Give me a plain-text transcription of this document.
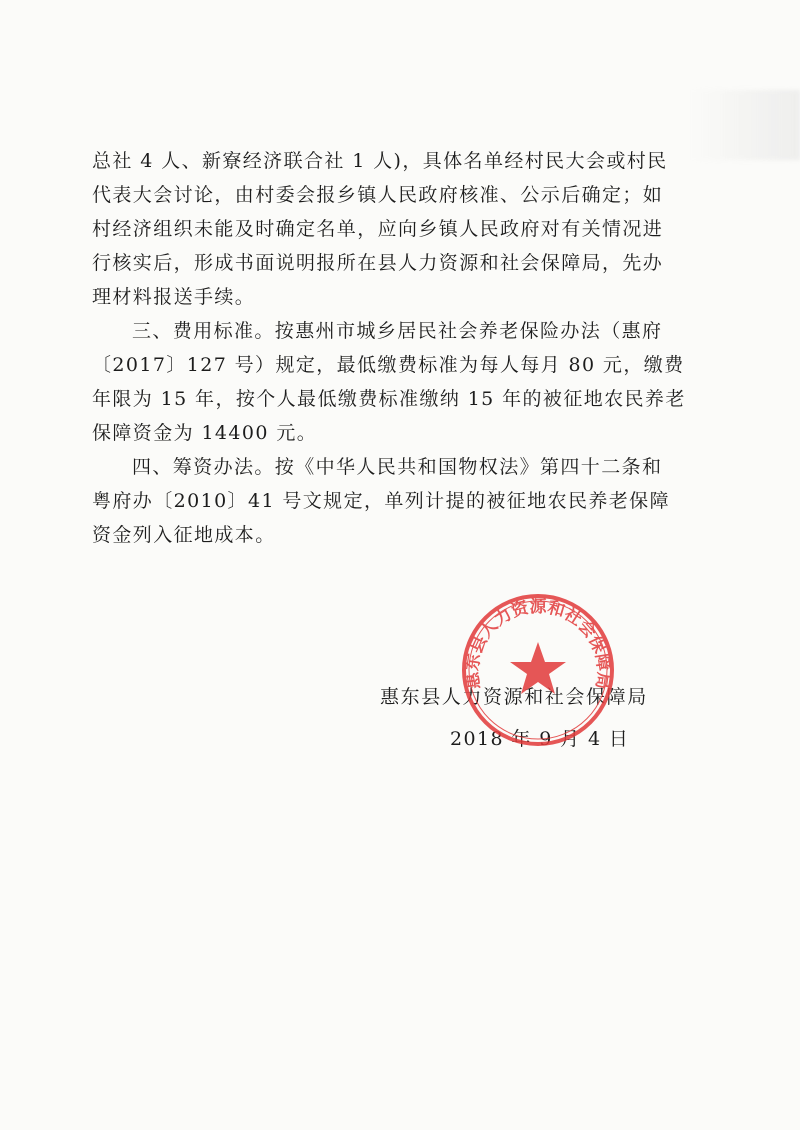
总社 4 人、新寮经济联合社 1 人)，具体名单经村民大会或村民
代表大会讨论，由村委会报乡镇人民政府核准、公示后确定；如
村经济组织未能及时确定名单，应向乡镇人民政府对有关情况进
行核实后，形成书面说明报所在县人力资源和社会保障局，先办
理材料报送手续。

三、费用标准。按惠州市城乡居民社会养老保险办法（惠府
〔2017〕127 号）规定，最低缴费标准为每人每月 80 元，缴费
年限为 15 年，按个人最低缴费标准缴纳 15 年的被征地农民养老
保障资金为 14400 元。

四、筹资办法。按《中华人民共和国物权法》第四十二条和
粤府办〔2010〕41 号文规定，单列计提的被征地农民养老保障
资金列入征地成本。

惠东县人力资源和社会保障局
2018 年 9 月 4 日
惠东县人力资源和社会保障局
